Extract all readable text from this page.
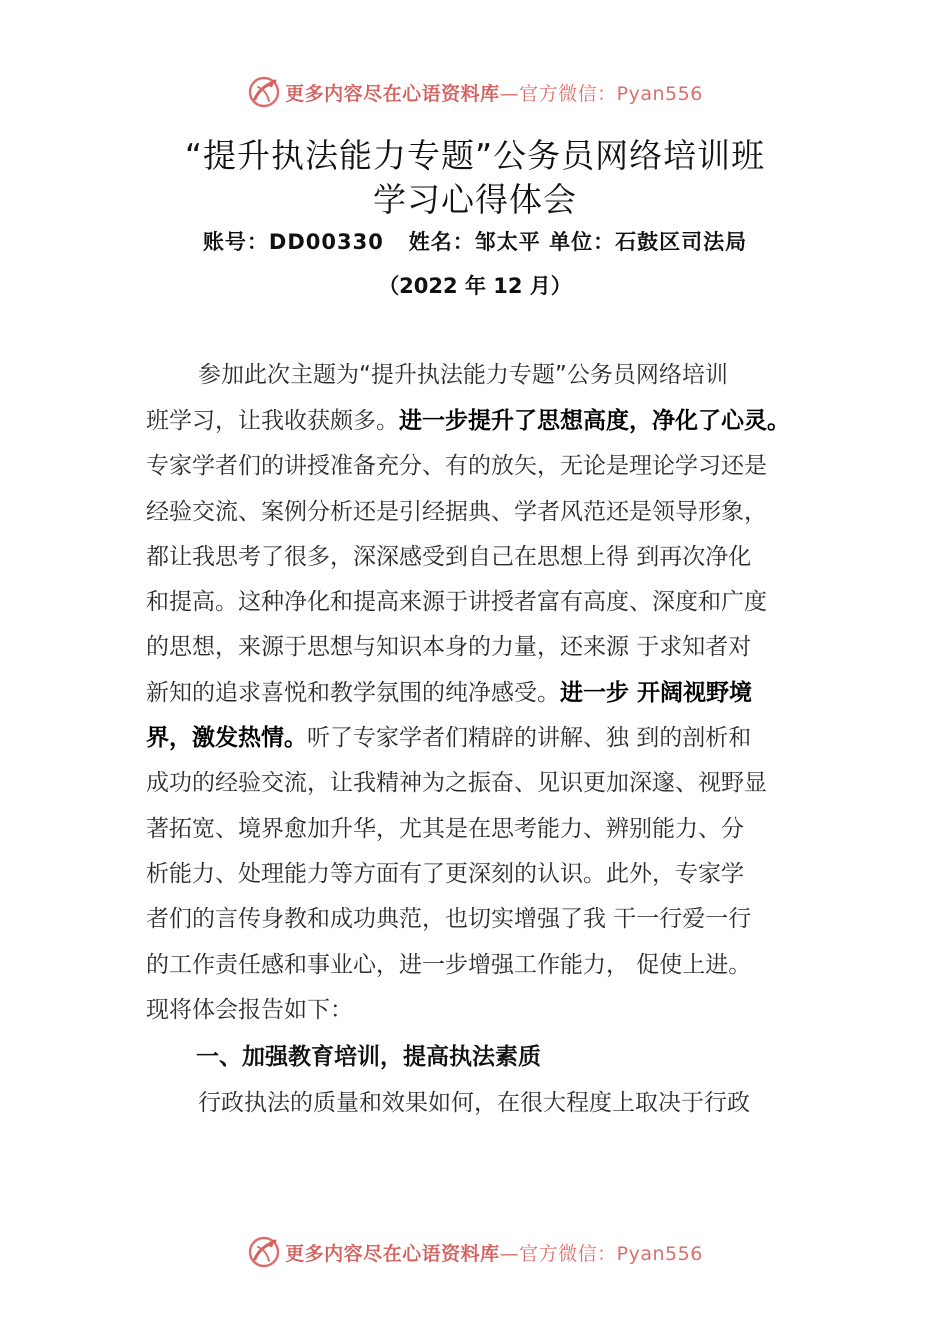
更多内容尽在心语资料库—官方微信：Pyan556
“提升执法能力专题”公务员网络培训班
学习心得体会
账号：DD00330 姓名：邹太平 单位：石鼓区司法局
（2022 年 12 月）
参加此次主题为“提升执法能力专题”公务员网络培训
班学习，让我收获颇多。进一步提升了思想高度，净化了心灵。
专家学者们的讲授准备充分、有的放矢，无论是理论学习还是
经验交流、案例分析还是引经据典、学者风范还是领导形象，
都让我思考了很多，深深感受到自己在思想上得 到再次净化
和提高。这种净化和提高来源于讲授者富有高度、深度和广度
的思想，来源于思想与知识本身的力量，还来源 于求知者对
新知的追求喜悦和教学氛围的纯净感受。进一步 开阔视野境
界，激发热情。听了专家学者们精辟的讲解、独 到的剖析和
成功的经验交流，让我精神为之振奋、见识更加深邃、视野显
著拓宽、境界愈加升华，尤其是在思考能力、辨别能力、分
析能力、处理能力等方面有了更深刻的认识。此外，专家学
者们的言传身教和成功典范，也切实增强了我 干一行爱一行
的工作责任感和事业心，进一步增强工作能力， 促使上进。
现将体会报告如下：
一、加强教育培训，提高执法素质
行政执法的质量和效果如何，在很大程度上取决于行政
更多内容尽在心语资料库—官方微信：Pyan556
